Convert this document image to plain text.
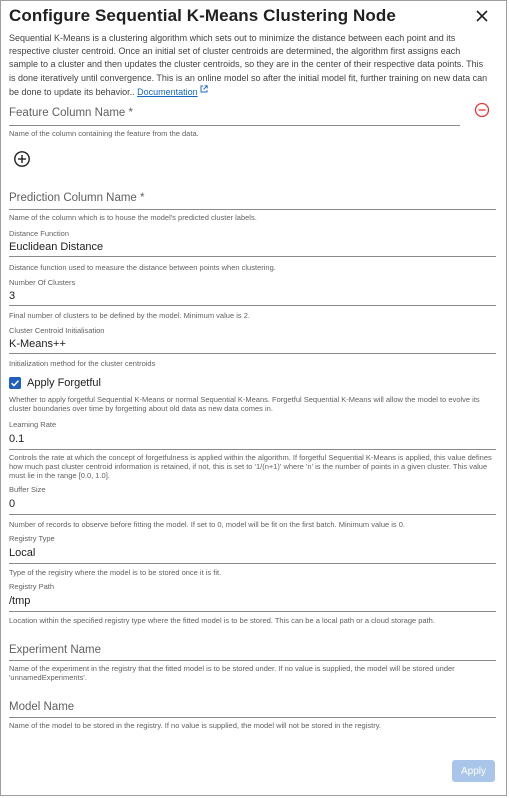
Configure Sequential K-Means Clustering Node
Sequential K-Means is a clustering algorithm which sets out to minimize the distance between each point and its respective cluster centroid. Once an initial set of cluster centroids are determined, the algorithm first assigns each sample to a cluster and then updates the cluster centroids, so they are in the center of their respective data points. This is done iteratively until convergence. This is an online model so after the initial model fit, further training on new data can be done to update its behavior.. Documentation
Feature Column Name *
Name of the column containing the feature from the data.
Prediction Column Name *
Name of the column which is to house the model's predicted cluster labels.
Distance Function
Euclidean Distance
Distance function used to measure the distance between points when clustering.
Number Of Clusters
3
Final number of clusters to be defined by the model. Minimum value is 2.
Cluster Centroid Initialisation
K-Means++
Initialization method for the cluster centroids
Apply Forgetful
Whether to apply forgetful Sequential K-Means or normal Sequential K-Means. Forgetful Sequential K-Means will allow the model to evolve its cluster boundaries over time by forgetting about old data as new data comes in.
Learning Rate
0.1
Controls the rate at which the concept of forgetfulness is applied within the algorithm. If forgetful Sequential K-Means is applied, this value defines how much past cluster centroid information is retained, if not, this is set to '1/(n+1)' where 'n' is the number of points in a given cluster. This value must lie in the range [0.0, 1.0].
Buffer Size
0
Number of records to observe before fitting the model. If set to 0, model will be fit on the first batch. Minimum value is 0.
Registry Type
Local
Type of the registry where the model is to be stored once it is fit.
Registry Path
/tmp
Location within the specified registry type where the fitted model is to be stored. This can be a local path or a cloud storage path.
Experiment Name
Name of the experiment in the registry that the fitted model is to be stored under. If no value is supplied, the model will be stored under 'unnamedExperiments'.
Model Name
Name of the model to be stored in the registry. If no value is supplied, the model will not be stored in the registry.
Apply
